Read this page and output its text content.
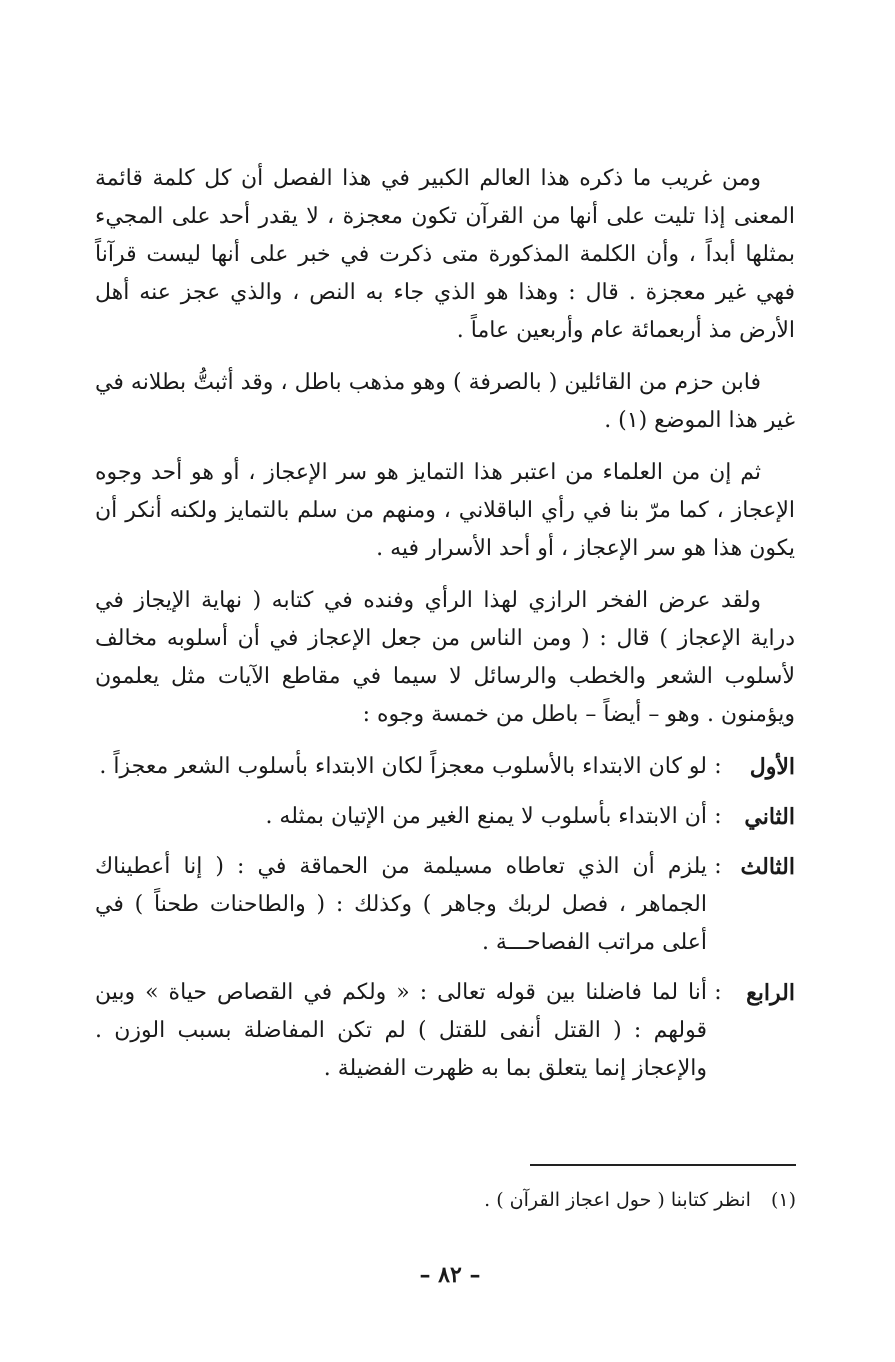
ومن غريب ما ذكره هذا العالم الكبير في هذا الفصل أن كل كلمة قائمة المعنى إذا تليت على أنها من القرآن تكون معجزة ، لا يقدر أحد على المجيء بمثلها أبداً ، وأن الكلمة المذكورة متى ذكرت في خبر على أنها ليست قرآناً فهي غير معجزة . قال : وهذا هو الذي جاء به النص ، والذي عجز عنه أهل الأرض مذ أربعمائة عام وأربعين عاماً .

فابن حزم من القائلين ( بالصرفة ) وهو مذهب باطل ، وقد أثبتُّ بطلانه في غير هذا الموضع (١) .

ثم إن من العلماء من اعتبر هذا التمايز هو سر الإعجاز ، أو هو أحد وجوه الإعجاز ، كما مرّ بنا في رأي الباقلاني ، ومنهم من سلم بالتمايز ولكنه أنكر أن يكون هذا هو سر الإعجاز ، أو أحد الأسرار فيه .

ولقد عرض الفخر الرازي لهذا الرأي وفنده في كتابه ( نهاية الإيجاز في دراية الإعجاز ) قال : ( ومن الناس من جعل الإعجاز في أن أسلوبه مخالف لأسلوب الشعر والخطب والرسائل لا سيما في مقاطع الآيات مثل يعلمون ويؤمنون . وهو – أيضاً – باطل من خمسة وجوه :

الأول
:
لو كان الابتداء بالأسلوب معجزاً لكان الابتداء بأسلوب الشعر معجزاً .
الثاني
:
أن الابتداء بأسلوب لا يمنع الغير من الإتيان بمثله .
الثالث
:
يلزم أن الذي تعاطاه مسيلمة من الحماقة في : ( إنا أعطيناك الجماهر ، فصل لربك وجاهر ) وكذلك : ( والطاحنات طحناً ) في أعلى مراتب الفصاحـــة .
الرابع
:
أنا لما فاضلنا بين قوله تعالى : « ولكم في القصاص حياة » وبين قولهم : ( القتل أنفى للقتل ) لم تكن المفاضلة بسبب الوزن . والإعجاز إنما يتعلق بما به ظهرت الفضيلة .
(١) انظر كتابنا ( حول اعجاز القرآن ) .
– ٨٢ –
